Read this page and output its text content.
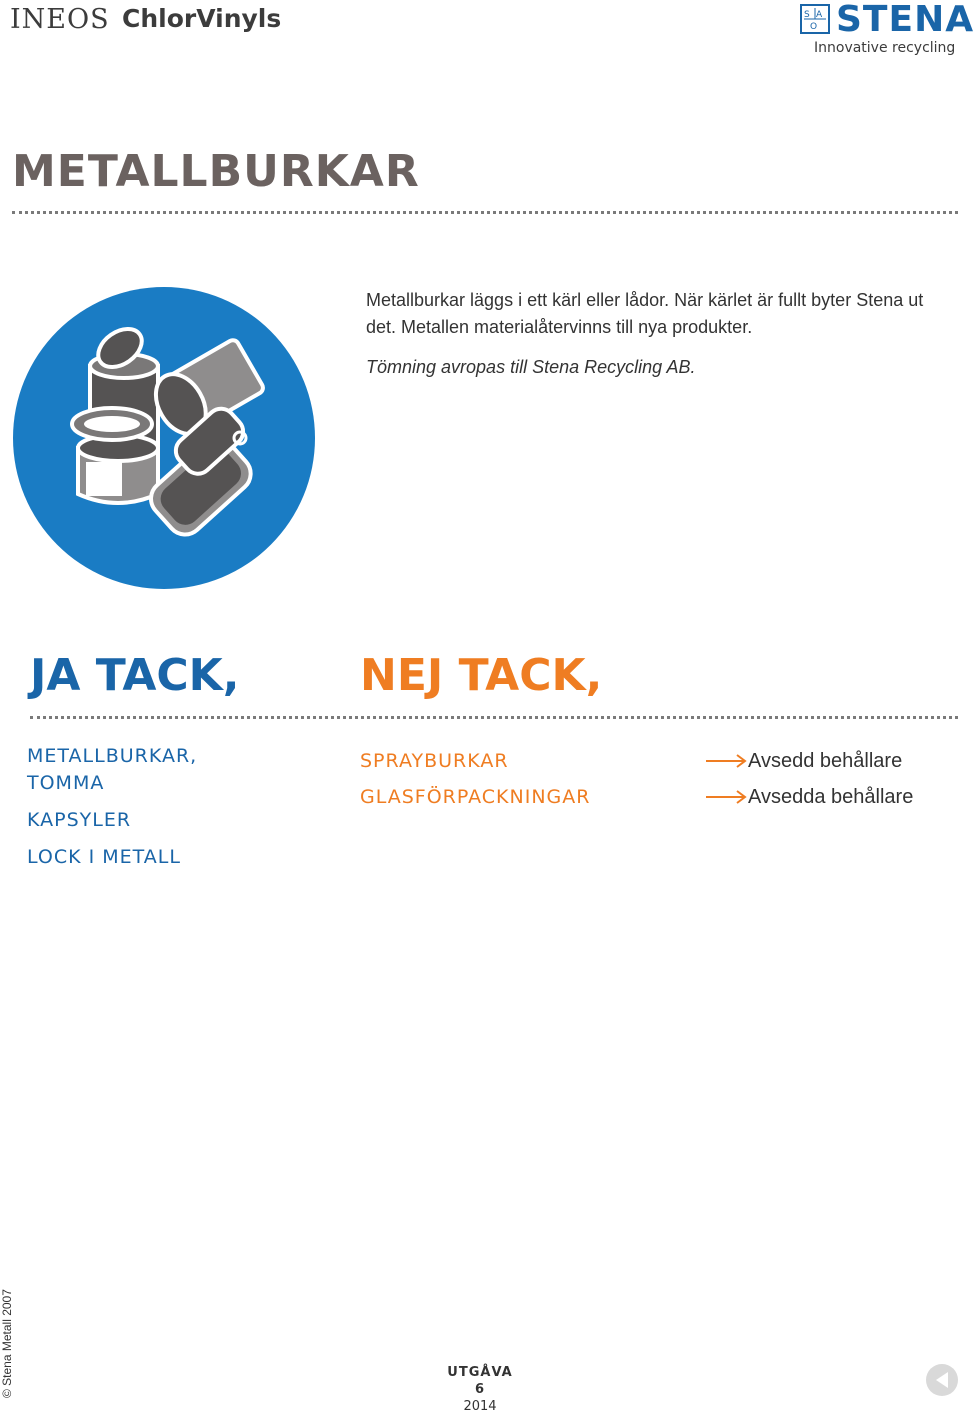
INEOS ChlorVinyls	S A
O STENA
Innovative recycling
METALLBURKAR
Metallburkar läggs i ett kärl eller lådor. När kärlet är fullt byter Stena ut det. Metallen materialåtervinns till nya produkter.
Tömning avropas till Stena Recycling AB.
JA TACK,	NEJ TACK,
METALLBURKAR, TOMMA
KAPSYLER
LOCK I METALL
SPRAYBURKAR	Avsedd behållare
GLASFÖRPACKNINGAR	Avsedda behållare
© Stena Metall 2007	UTGÅVA 6
2014
